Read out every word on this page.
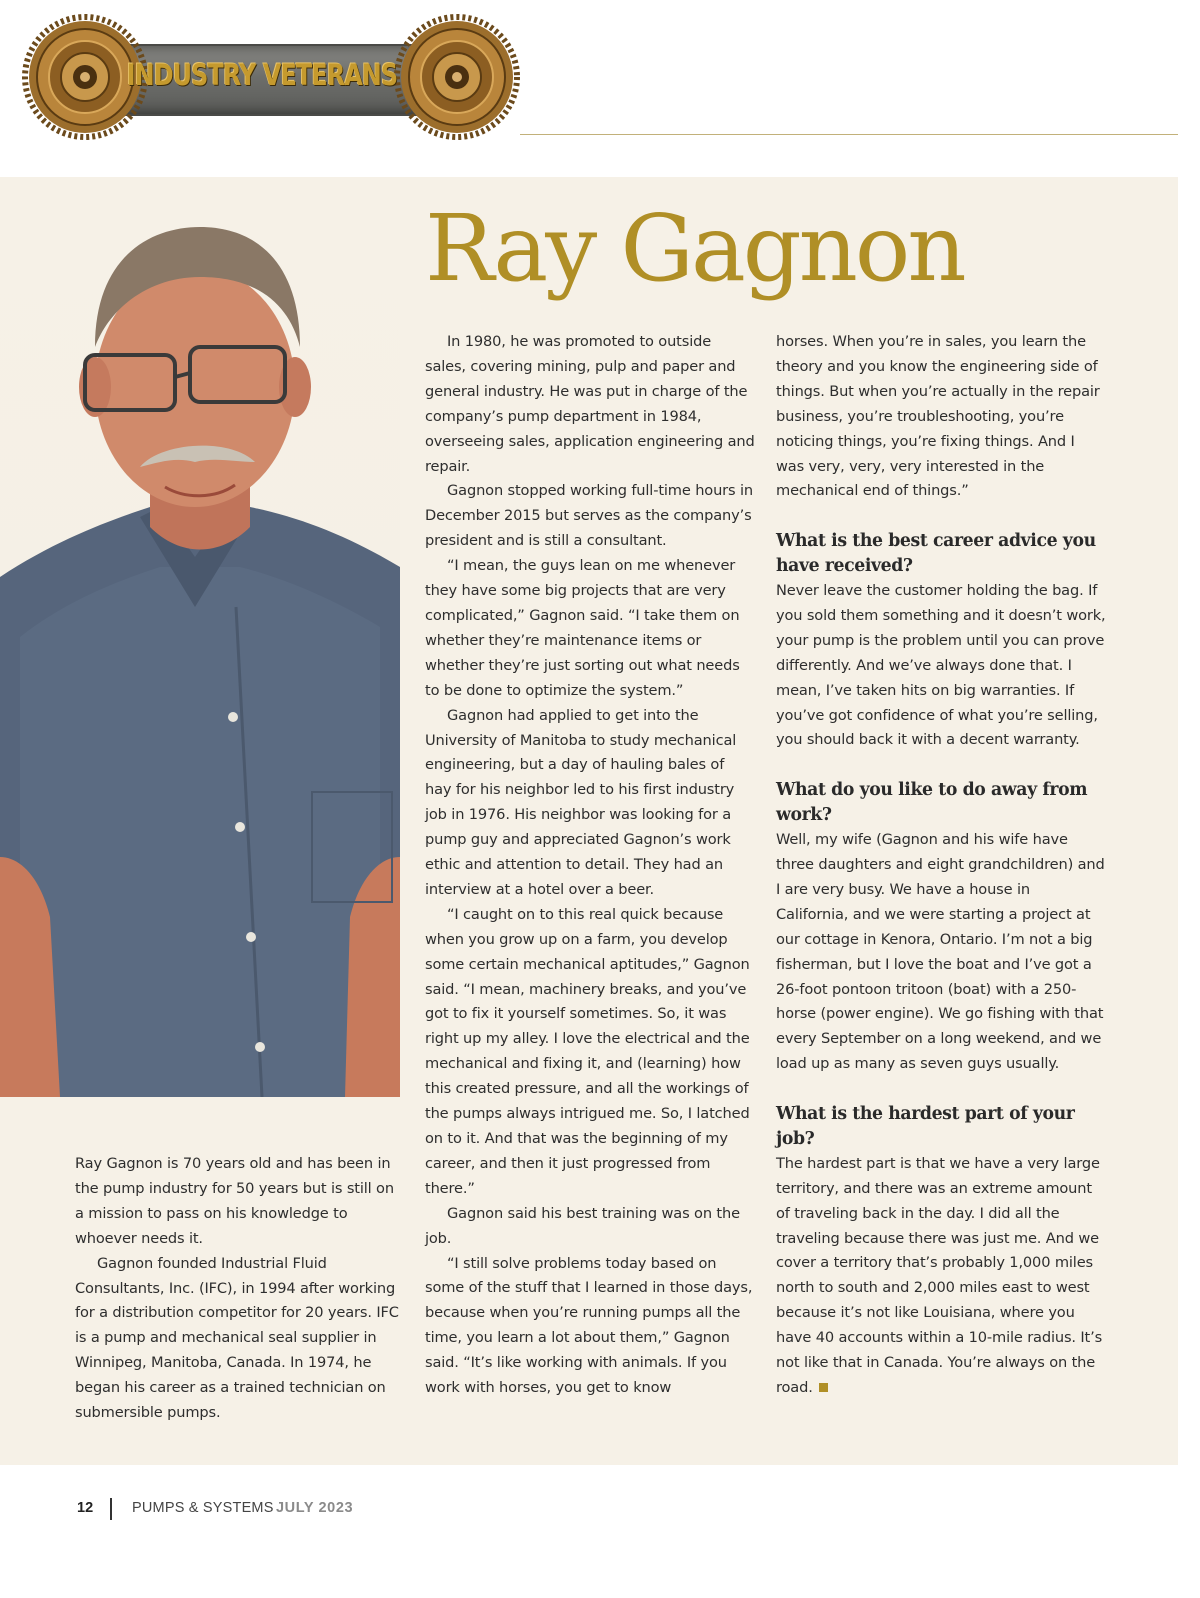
INDUSTRY VETERANS
Ray Gagnon

Ray Gagnon is 70 years old and has been in the pump industry for 50 years but is still on a mission to pass on his knowledge to whoever needs it.

Gagnon founded Industrial Fluid Consultants, Inc. (IFC), in 1994 after working for a distribution competitor for 20 years. IFC is a pump and mechanical seal supplier in Winnipeg, Manitoba, Canada. In 1974, he began his career as a trained technician on submersible pumps.

In 1980, he was promoted to outside sales, covering mining, pulp and paper and general industry. He was put in charge of the company’s pump department in 1984, overseeing sales, application engineering and repair.

Gagnon stopped working full-time hours in December 2015 but serves as the company’s president and is still a consultant.

“I mean, the guys lean on me whenever they have some big projects that are very complicated,” Gagnon said. “I take them on whether they’re maintenance items or whether they’re just sorting out what needs to be done to optimize the system.”

Gagnon had applied to get into the University of Manitoba to study mechanical engineering, but a day of hauling bales of hay for his neighbor led to his first industry job in 1976. His neighbor was looking for a pump guy and appreciated Gagnon’s work ethic and attention to detail. They had an interview at a hotel over a beer.

“I caught on to this real quick because when you grow up on a farm, you develop some certain mechanical aptitudes,” Gagnon said. “I mean, machinery breaks, and you’ve got to fix it yourself sometimes. So, it was right up my alley. I love the electrical and the mechanical and fixing it, and (learning) how this created pressure, and all the workings of the pumps always intrigued me. So, I latched on to it. And that was the beginning of my career, and then it just progressed from there.”

Gagnon said his best training was on the job.

“I still solve problems today based on some of the stuff that I learned in those days, because when you’re running pumps all the time, you learn a lot about them,” Gagnon said. “It’s like working with animals. If you work with horses, you get to know

horses. When you’re in sales, you learn the theory and you know the engineering side of things. But when you’re actually in the repair business, you’re troubleshooting, you’re noticing things, you’re fixing things. And I was very, very, very interested in the mechanical end of things.”

What is the best career advice you have received?

Never leave the customer holding the bag. If you sold them something and it doesn’t work, your pump is the problem until you can prove differently. And we’ve always done that. I mean, I’ve taken hits on big warranties. If you’ve got confidence of what you’re selling, you should back it with a decent warranty.

What do you like to do away from work?

Well, my wife (Gagnon and his wife have three daughters and eight grandchildren) and I are very busy. We have a house in California, and we were starting a project at our cottage in Kenora, Ontario. I’m not a big fisherman, but I love the boat and I’ve got a 26-foot pontoon tritoon (boat) with a 250-horse (power engine). We go fishing with that every September on a long weekend, and we load up as many as seven guys usually.

What is the hardest part of your job?

The hardest part is that we have a very large territory, and there was an extreme amount of traveling back in the day. I did all the traveling because there was just me. And we cover a territory that’s probably 1,000 miles north to south and 2,000 miles east to west because it’s not like Louisiana, where you have 40 accounts within a 10-mile radius. It’s not like that in Canada. You’re always on the road.

12	PUMPS & SYSTEMS JULY 2023
